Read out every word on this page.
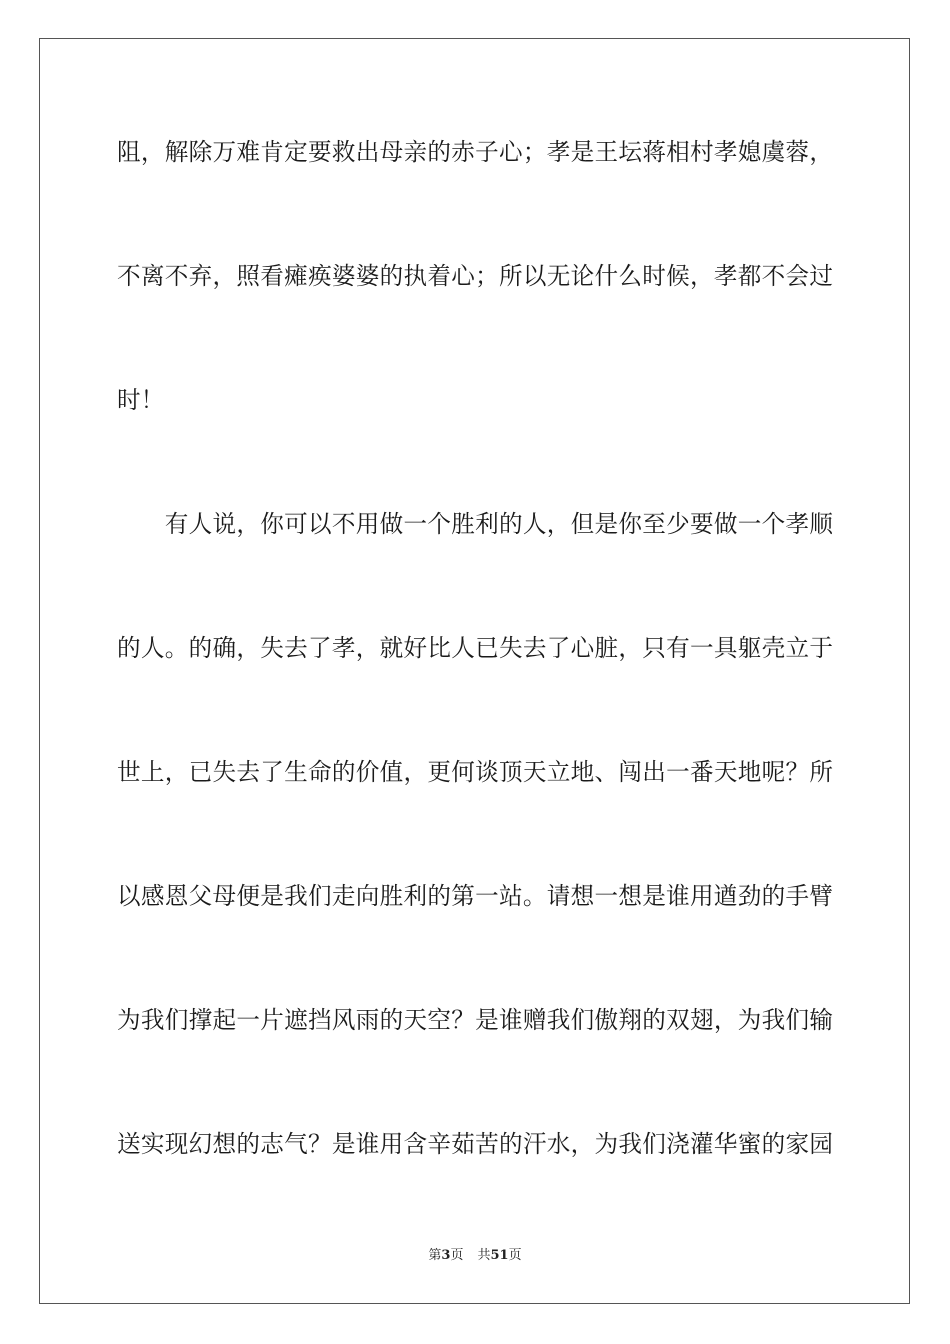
阻，解除万难肯定要救出母亲的赤子心；孝是王坛蒋相村孝媳虞蓉，
不离不弃，照看瘫痪婆婆的执着心；所以无论什么时候，孝都不会过
时！
　　有人说，你可以不用做一个胜利的人，但是你至少要做一个孝顺
的人。的确，失去了孝，就好比人已失去了心脏，只有一具躯壳立于
世上，已失去了生命的价值，更何谈顶天立地、闯出一番天地呢？所
以感恩父母便是我们走向胜利的第一站。请想一想是谁用遒劲的手臂
为我们撑起一片遮挡风雨的天空？是谁赠我们傲翔的双翅，为我们输
送实现幻想的志气？是谁用含辛茹苦的汗水，为我们浇灌华蜜的家园
第3页 共51页
